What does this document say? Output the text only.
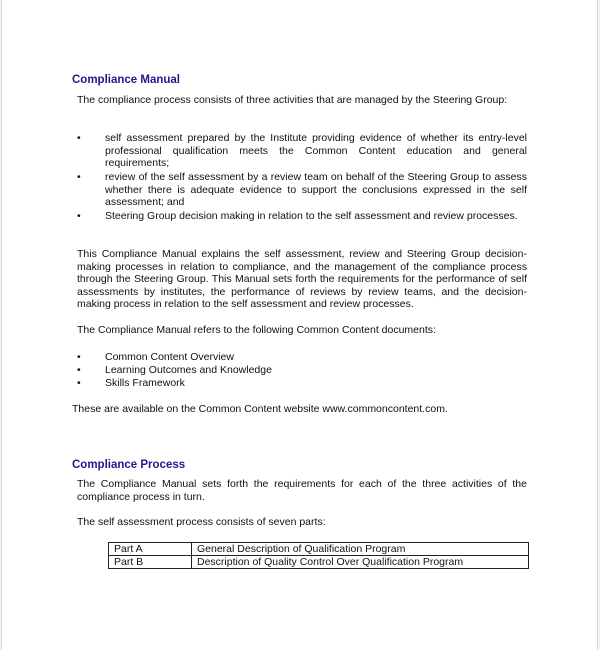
Compliance Manual

The compliance process consists of three activities that are managed by the Steering Group:

• self assessment prepared by the Institute providing evidence of whether its entry-level professional qualification meets the Common Content education and general requirements;

• review of the self assessment by a review team on behalf of the Steering Group to assess whether there is adequate evidence to support the conclusions expressed in the self assessment; and

• Steering Group decision making in relation to the self assessment and review processes.

This Compliance Manual explains the self assessment, review and Steering Group decision-making processes in relation to compliance, and the management of the compliance process through the Steering Group. This Manual sets forth the requirements for the performance of self assessments by institutes, the performance of reviews by review teams, and the decision-making process in relation to the self assessment and review processes.

The Compliance Manual refers to the following Common Content documents:

• Common Content Overview

• Learning Outcomes and Knowledge

• Skills Framework

These are available on the Common Content website www.commoncontent.com.

Compliance Process

The Compliance Manual sets forth the requirements for each of the three activities of the compliance process in turn.

The self assessment process consists of seven parts:

Part A	General Description of Qualification Program
Part B	Description of Quality Control Over Qualification Program
